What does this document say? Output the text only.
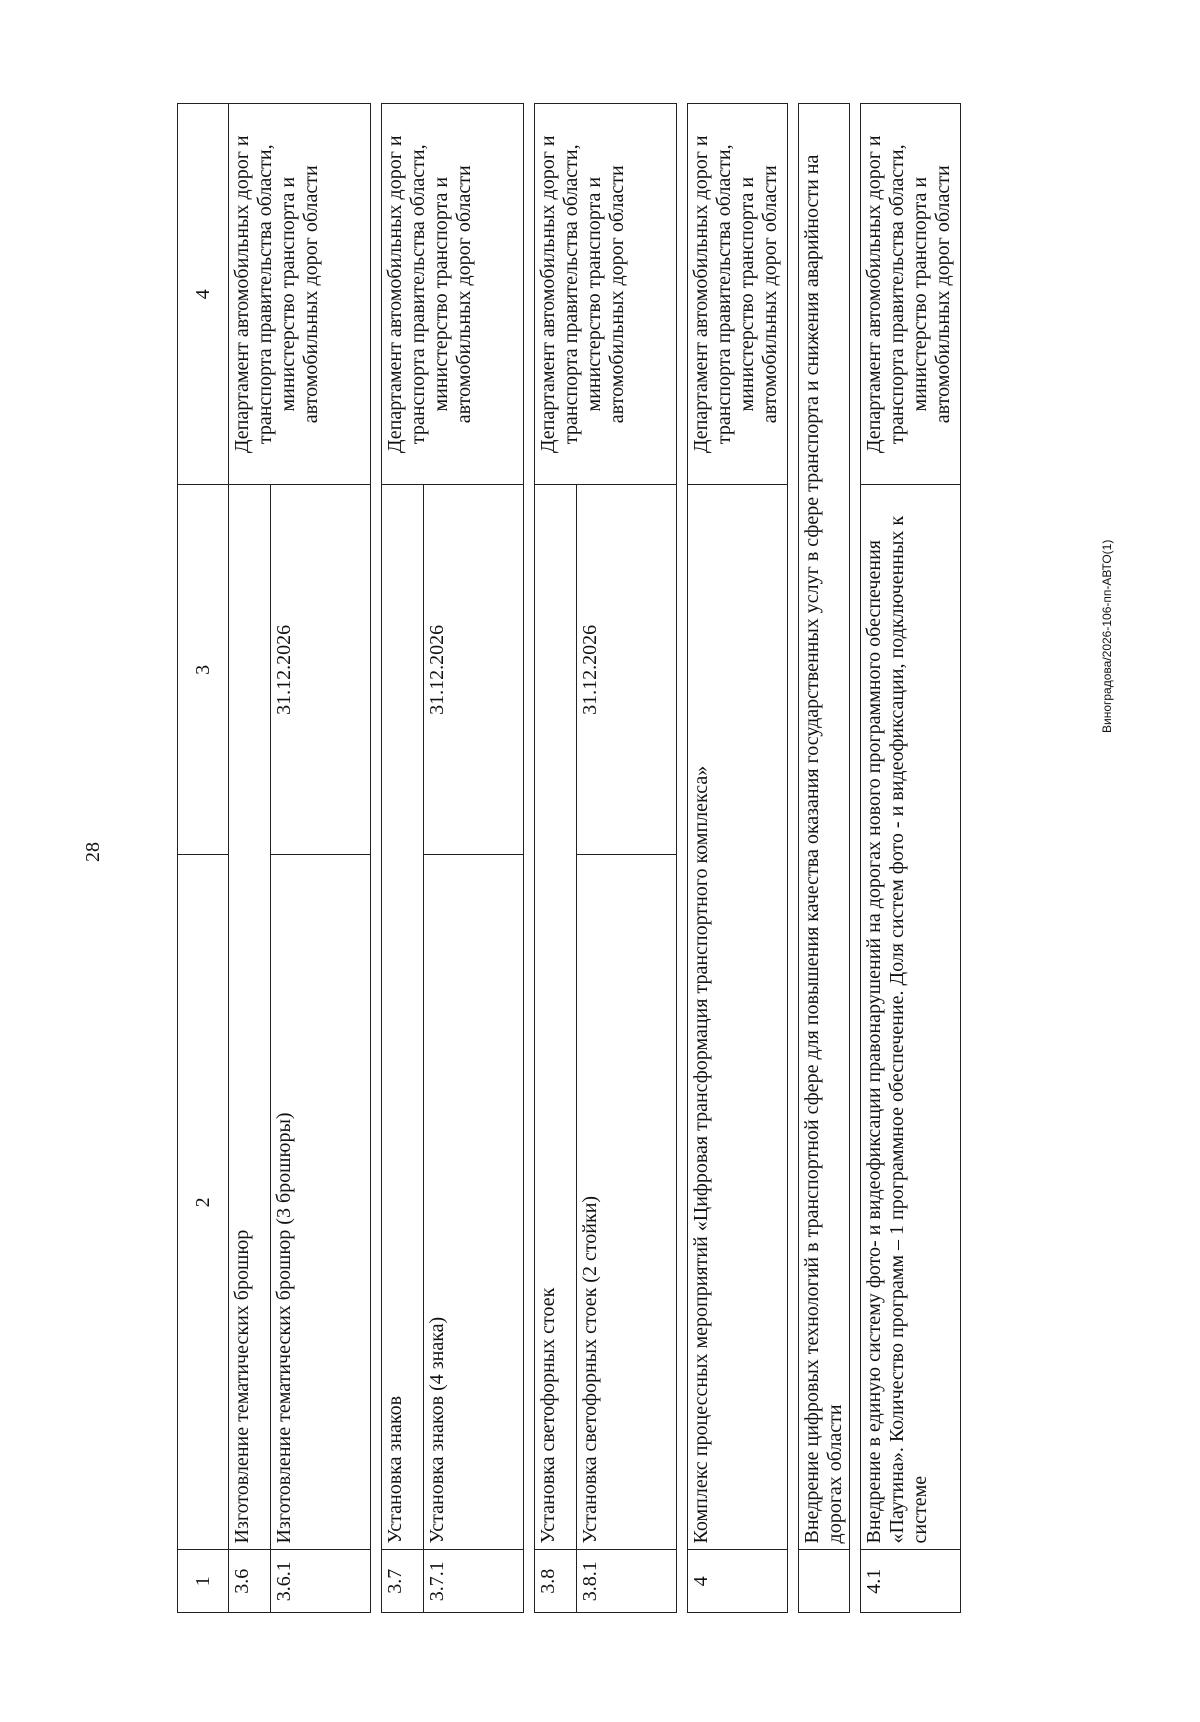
28
Виноградова/2026-106-пп-АВТО(1)
1	2	3	4
3.6	Изготовление тематических брошюр		Департамент автомобильных дорог и транспорта правительства области, министерство транспорта и автомобильных дорог области
3.6.1	Изготовление тематических брошюр (3 брошюры)	31.12.2026	

3.7	Установка знаков		Департамент автомобильных дорог и транспорта правительства области, министерство транспорта и автомобильных дорог области
3.7.1	Установка знаков (4 знака)	31.12.2026	

3.8	Установка светофорных стоек		Департамент автомобильных дорог и транспорта правительства области, министерство транспорта и автомобильных дорог области
3.8.1	Установка светофорных стоек (2 стойки)	31.12.2026	

4	Комплекс процессных мероприятий «Цифровая трансформация транспортного комплекса»		Департамент автомобильных дорог и транспорта правительства области, министерство транспорта и автомобильных дорог области

	Внедрение цифровых технологий в транспортной сфере для повышения качества оказания государственных услуг в сфере транспорта и снижения аварийности на дорогах области		

4.1	Внедрение в единую систему фото- и видеофиксации правонарушений на дорогах нового программного обеспечения «Паутина». Количество программ – 1 программное обеспечение. Доля систем фото - и видеофиксации, подключенных к системе		Департамент автомобильных дорог и транспорта правительства области, министерство транспорта и автомобильных дорог области
